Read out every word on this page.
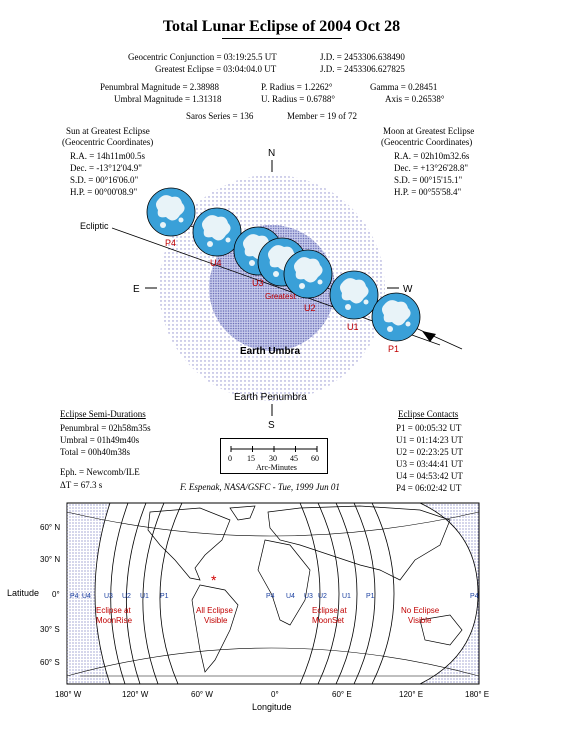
Total Lunar Eclipse of 2004 Oct 28
Geocentric Conjunction = 03:19:25.5 UT
Greatest Eclipse = 03:04:04.0 UT
J.D. = 2453306.638490
J.D. = 2453306.627825
Penumbral Magnitude = 2.38988
Umbral Magnitude = 1.31318
P. Radius = 1.2262°
U. Radius = 0.6788°
Gamma = 0.28451
Axis = 0.26538°
Saros Series = 136	Member = 19 of 72
Sun at Greatest Eclipse
(Geocentric Coordinates)
R.A. = 14h11m00.5s
Dec. = -13°12'04.9"
S.D. = 00°16'06.0"
H.P. = 00°00'08.9"
Moon at Greatest Eclipse
(Geocentric Coordinates)
R.A. = 02h10m32.6s
Dec. = +13°26'28.8"
S.D. = 00°15'15.1"
H.P. = 00°55'58.4"
N
S
E	W
Ecliptic
P4
U4
U3
Greatest
U2
U1
P1
Earth Umbra
Earth Penumbra
Eclipse Semi-Durations
Penumbral = 02h58m35s
Umbral = 01h49m40s
Total = 00h40m38s
Eclipse Contacts
P1 = 00:05:32 UT
U1 = 01:14:23 UT
U2 = 02:23:25 UT
U3 = 03:44:41 UT
U4 = 04:53:42 UT
P4 = 06:02:42 UT
0 15 30 45 60
Arc-Minutes
Eph. = Newcomb/ILE
ΔT = 67.3 s	F. Espenak, NASA/GSFC - Tue, 1999 Jun 01
60° N
30° N
0°
30° S
60° S
Latitude
180° W	120° W	60° W	0°	60° E	120° E	180° E
Longitude
P4 U4 U3 U2 U1 P1	P4 U4 U3 U2 U1 P1	P4
Eclipse at
MoonRise
All Eclipse
Visible
Eclipse at
MoonSet
No Eclipse
Visible
*
